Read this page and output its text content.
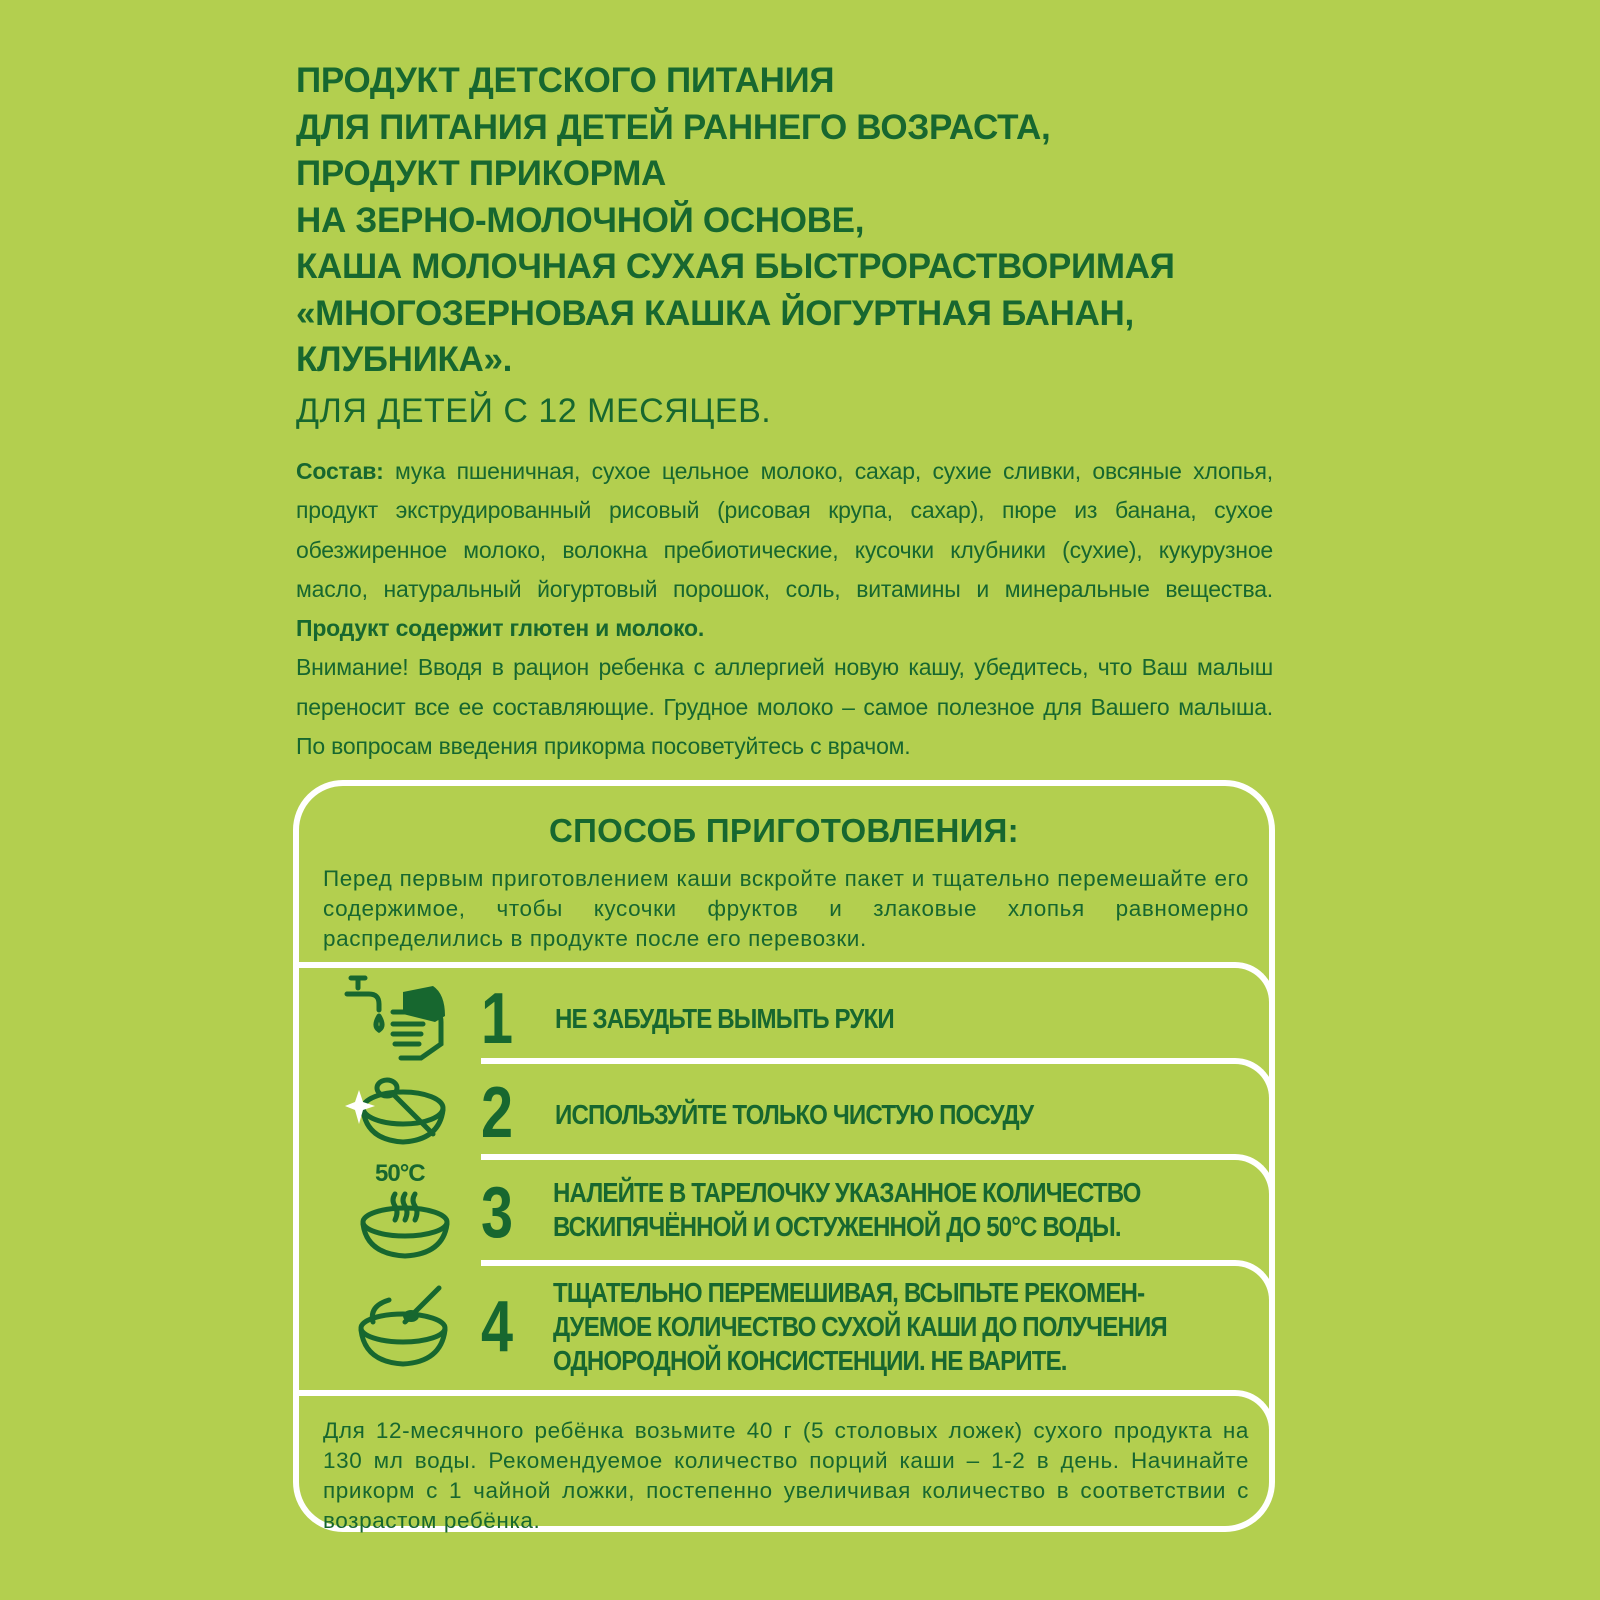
ПРОДУКТ ДЕТСКОГО ПИТАНИЯ
ДЛЯ ПИТАНИЯ ДЕТЕЙ РАННЕГО ВОЗРАСТА,
ПРОДУКТ ПРИКОРМА
НА ЗЕРНО-МОЛОЧНОЙ ОСНОВЕ,
КАША МОЛОЧНАЯ СУХАЯ БЫСТРОРАСТВОРИМАЯ
«МНОГОЗЕРНОВАЯ КАШКА ЙОГУРТНАЯ БАНАН,
КЛУБНИКА».
ДЛЯ ДЕТЕЙ С 12 МЕСЯЦЕВ.
Состав: мука пшеничная, сухое цельное молоко, сахар, сухие сливки, овсяные хлопья, продукт экструдированный рисовый (рисовая крупа, сахар), пюре из банана, сухое обезжиренное молоко, волокна пребиотические, кусочки клубники (сухие), кукурузное масло, натуральный йогуртовый порошок, соль, витамины и минеральные вещества. Продукт содержит глютен и молоко.
Внимание! Вводя в рацион ребенка с аллергией новую кашу, убедитесь, что Ваш малыш переносит все ее составляющие. Грудное молоко – самое полезное для Вашего малыша. По вопросам введения прикорма посоветуйтесь с врачом.
СПОСОБ ПРИГОТОВЛЕНИЯ:
Перед первым приготовлением каши вскройте пакет и тщательно перемешайте его содержимое, чтобы кусочки фруктов и злаковые хлопья равномерно распределились в продукте после его перевозки.
1 НЕ ЗАБУДЬТЕ ВЫМЫТЬ РУКИ
2 ИСПОЛЬЗУЙТЕ ТОЛЬКО ЧИСТУЮ ПОСУДУ
50°C 3 НАЛЕЙТЕ В ТАРЕЛОЧКУ УКАЗАННОЕ КОЛИЧЕСТВО
ВСКИПЯЧЁННОЙ И ОСТУЖЕННОЙ ДО 50°С ВОДЫ.
4 ТЩАТЕЛЬНО ПЕРЕМЕШИВАЯ, ВСЫПЬТЕ РЕКОМЕН-
ДУЕМОЕ КОЛИЧЕСТВО СУХОЙ КАШИ ДО ПОЛУЧЕНИЯ
ОДНОРОДНОЙ КОНСИСТЕНЦИИ. НЕ ВАРИТЕ.
Для 12-месячного ребёнка возьмите 40 г (5 столовых ложек) сухого продукта на 130 мл воды. Рекомендуемое количество порций каши – 1-2 в день. Начинайте прикорм с 1 чайной ложки, постепенно увеличивая количество в соответствии с возрастом ребёнка.
